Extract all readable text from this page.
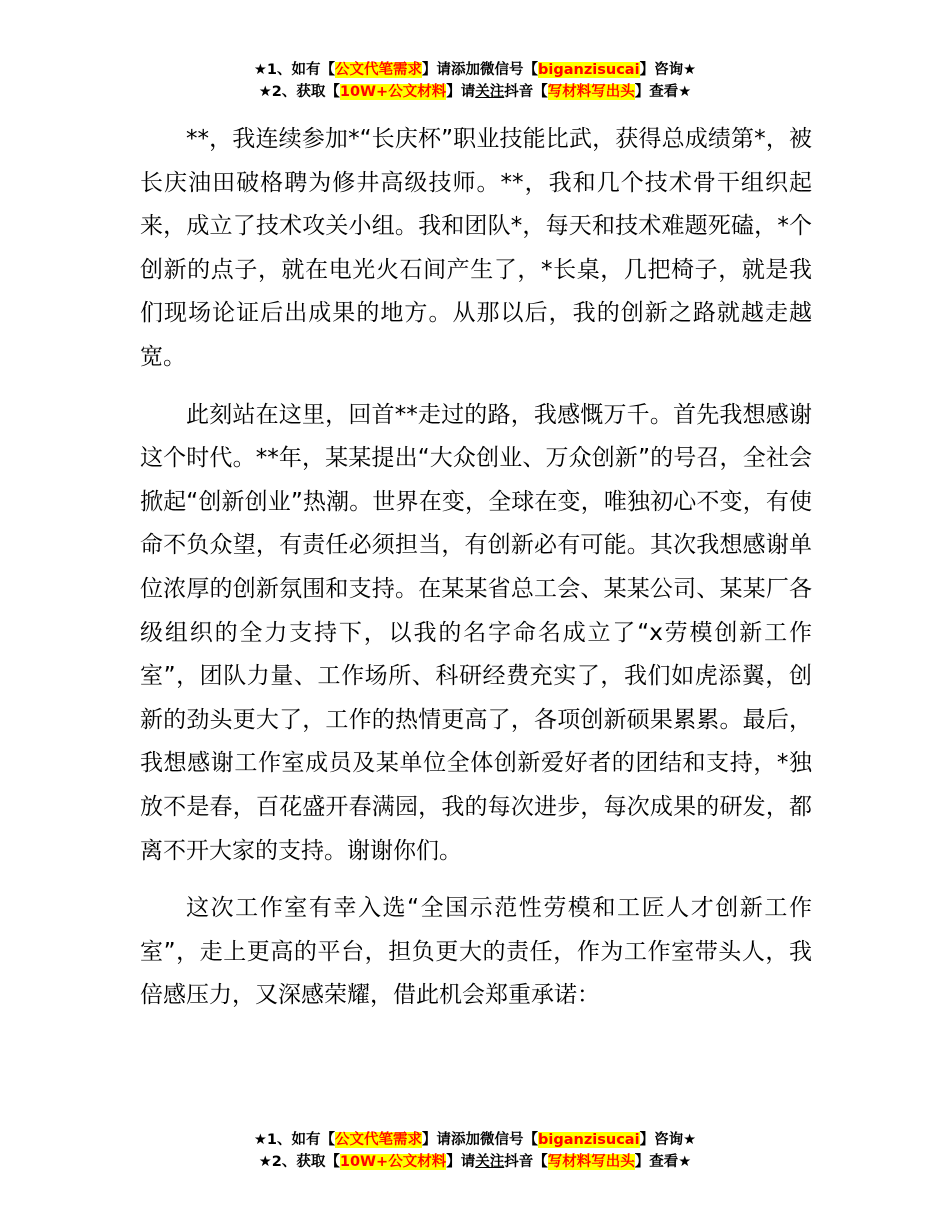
★1、如有【公文代笔需求】请添加微信号【biganzisucai】咨询★
★2、获取【10W+公文材料】请关注抖音【写材料写出头】查看★

**，我连续参加*“长庆杯”职业技能比武，获得总成绩第*，被长庆油田破格聘为修井高级技师。**，我和几个技术骨干组织起来，成立了技术攻关小组。我和团队*，每天和技术难题死磕，*个创新的点子，就在电光火石间产生了，*长桌，几把椅子，就是我们现场论证后出成果的地方。从那以后，我的创新之路就越走越宽。

此刻站在这里，回首**走过的路，我感慨万千。首先我想感谢这个时代。**年，某某提出“大众创业、万众创新”的号召，全社会掀起“创新创业”热潮。世界在变，全球在变，唯独初心不变，有使命不负众望，有责任必须担当，有创新必有可能。其次我想感谢单位浓厚的创新氛围和支持。在某某省总工会、某某公司、某某厂各级组织的全力支持下，以我的名字命名成立了“x劳模创新工作室”，团队力量、工作场所、科研经费充实了，我们如虎添翼，创新的劲头更大了，工作的热情更高了，各项创新硕果累累。最后，我想感谢工作室成员及某单位全体创新爱好者的团结和支持，*独放不是春，百花盛开春满园，我的每次进步，每次成果的研发，都离不开大家的支持。谢谢你们。

这次工作室有幸入选“全国示范性劳模和工匠人才创新工作室”，走上更高的平台，担负更大的责任，作为工作室带头人，我倍感压力，又深感荣耀，借此机会郑重承诺：

★1、如有【公文代笔需求】请添加微信号【biganzisucai】咨询★
★2、获取【10W+公文材料】请关注抖音【写材料写出头】查看★
